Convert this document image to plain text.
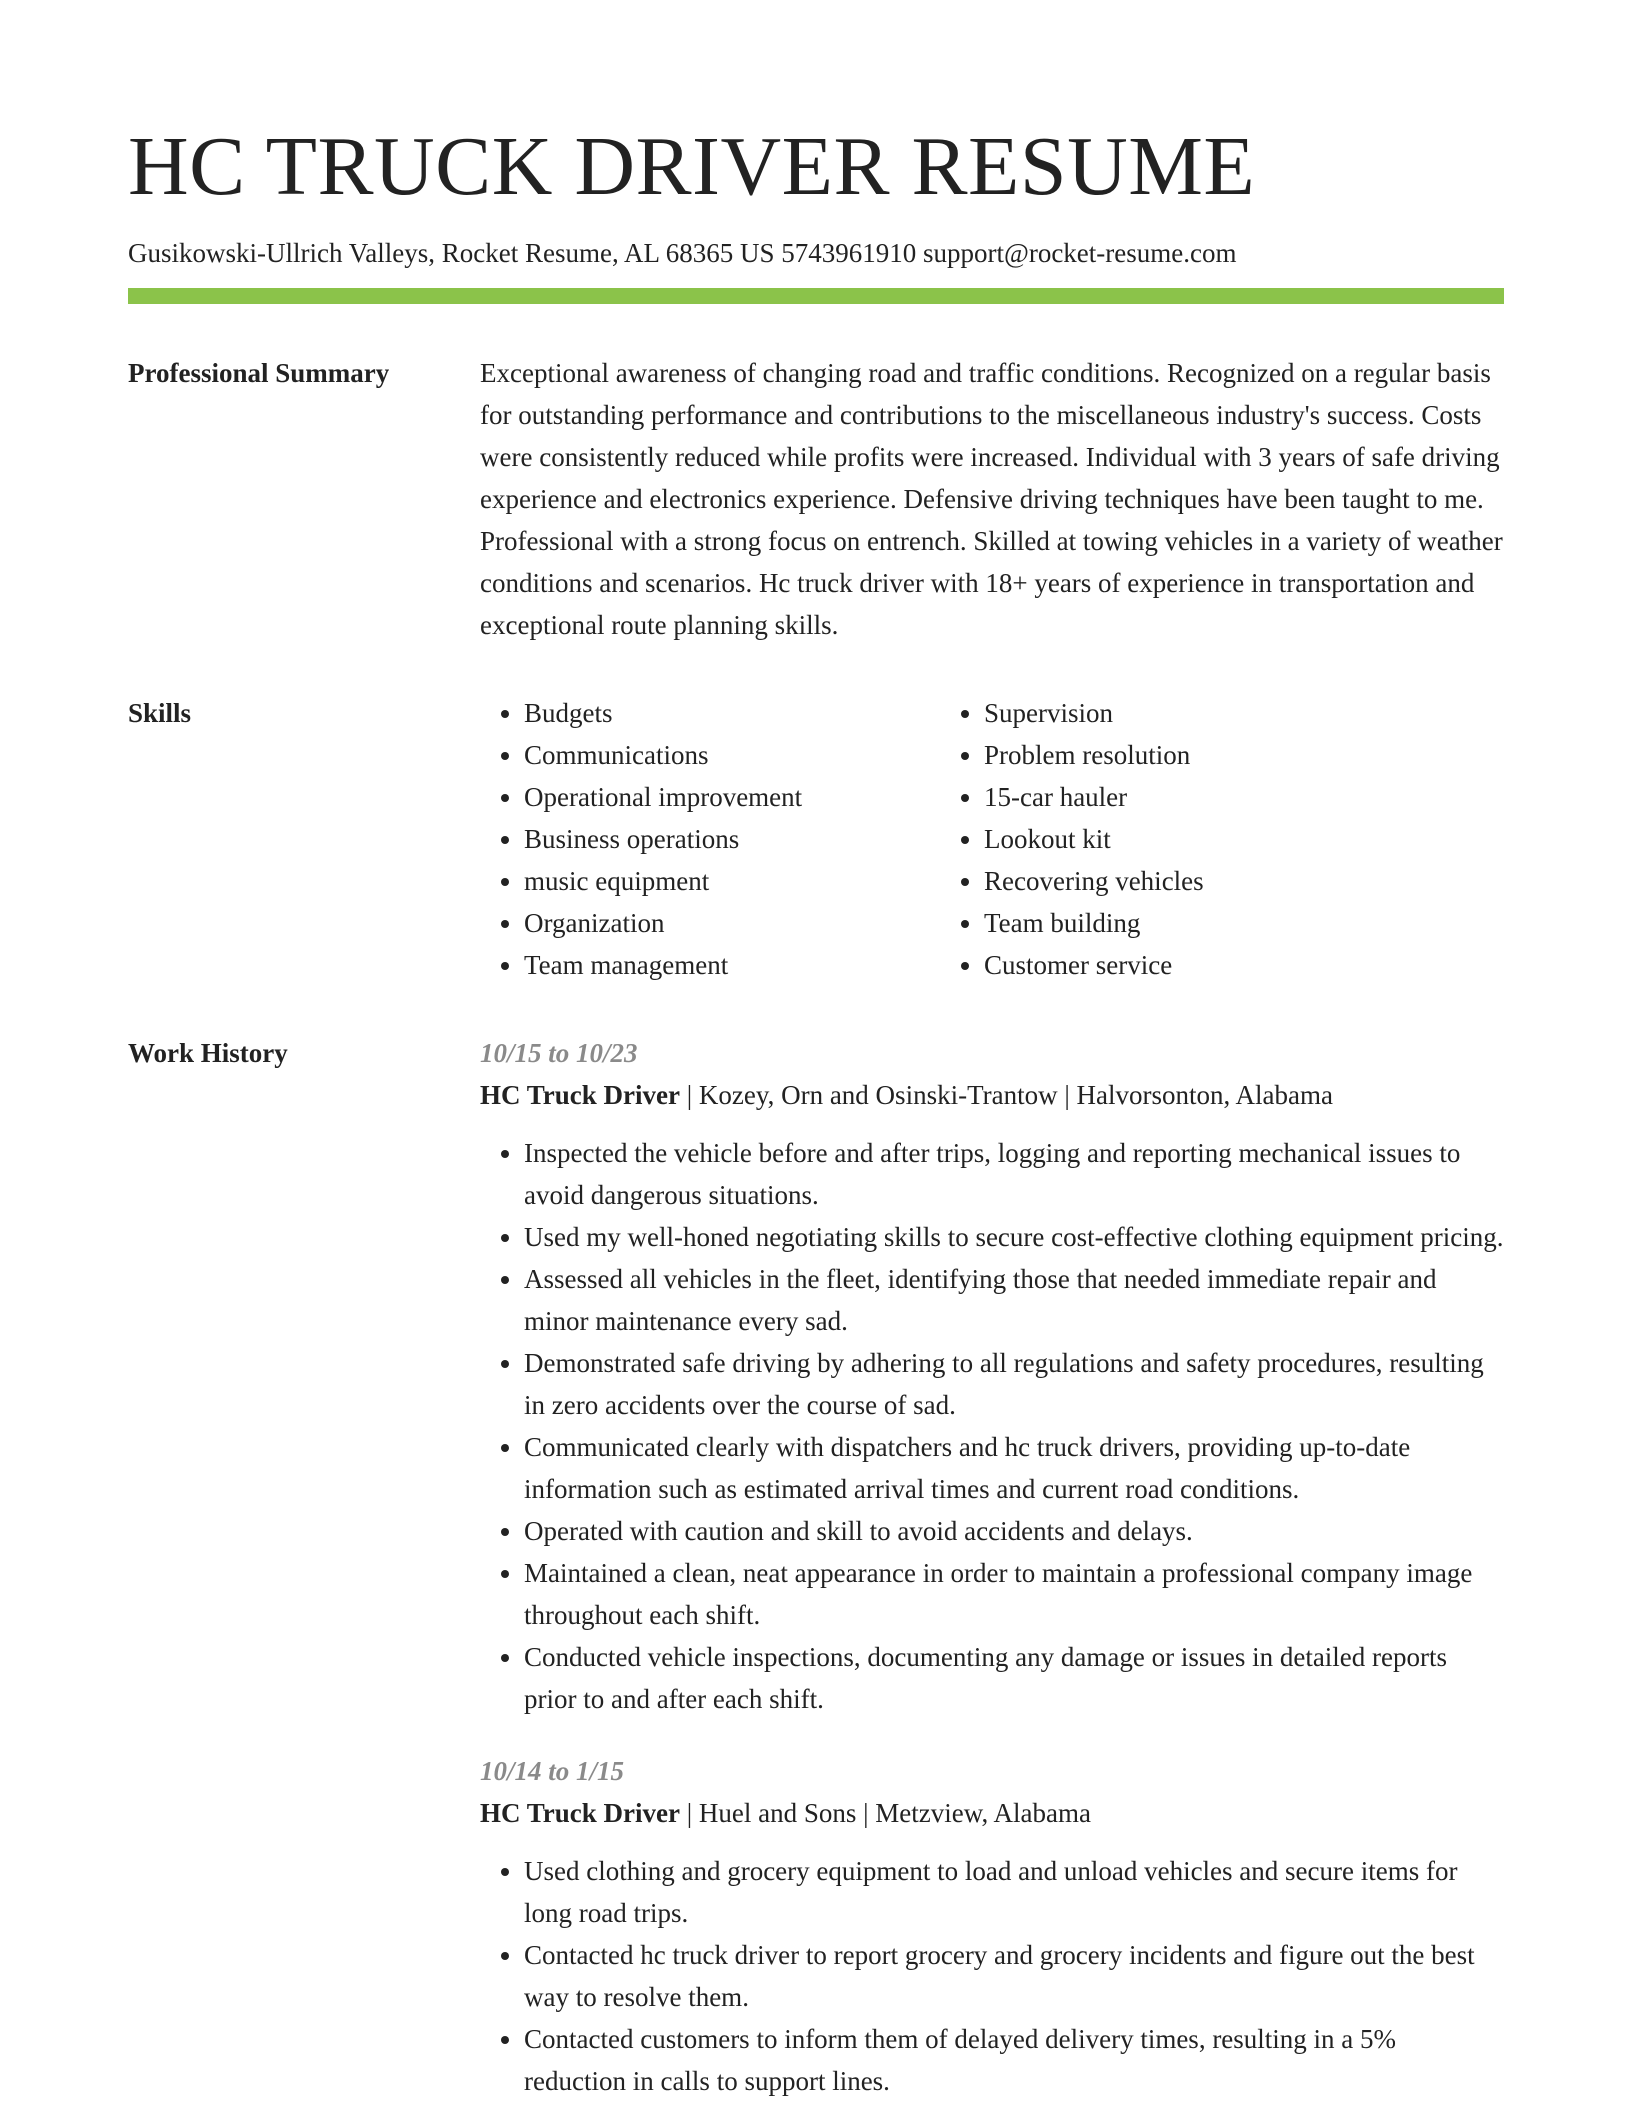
HC TRUCK DRIVER RESUME
Gusikowski-Ullrich Valleys, Rocket Resume, AL 68365 US 5743961910 support@rocket-resume.com
Professional Summary	Exceptional awareness of changing road and traffic conditions. Recognized on a regular basis for outstanding performance and contributions to the miscellaneous industry's success. Costs were consistently reduced while profits were increased. Individual with 3 years of safe driving experience and electronics experience. Defensive driving techniques have been taught to me. Professional with a strong focus on entrench. Skilled at towing vehicles in a variety of weather conditions and scenarios. Hc truck driver with 18+ years of experience in transportation and exceptional route planning skills.

Skills
•	Budgets
• Communications
• Operational improvement
• Business operations
• music equipment
• Organization
• Team management
• Supervision
• Problem resolution
• 15-car hauler
• Lookout kit
• Recovering vehicles
• Team building
• Customer service
Work History	10/15 to 10/23
HC Truck Driver | Kozey, Orn and Osinski-Trantow | Halvorsonton, Alabama
• Inspected the vehicle before and after trips, logging and reporting mechanical issues to avoid dangerous situations.
• Used my well-honed negotiating skills to secure cost-effective clothing equipment pricing.
• Assessed all vehicles in the fleet, identifying those that needed immediate repair and minor maintenance every sad.
• Demonstrated safe driving by adhering to all regulations and safety procedures, resulting in zero accidents over the course of sad.
• Communicated clearly with dispatchers and hc truck drivers, providing up-to-date information such as estimated arrival times and current road conditions.
• Operated with caution and skill to avoid accidents and delays.
• Maintained a clean, neat appearance in order to maintain a professional company image throughout each shift.
• Conducted vehicle inspections, documenting any damage or issues in detailed reports prior to and after each shift.
10/14 to 1/15
HC Truck Driver | Huel and Sons | Metzview, Alabama
• Used clothing and grocery equipment to load and unload vehicles and secure items for long road trips.
• Contacted hc truck driver to report grocery and grocery incidents and figure out the best way to resolve them.
• Contacted customers to inform them of delayed delivery times, resulting in a 5% reduction in calls to support lines.
